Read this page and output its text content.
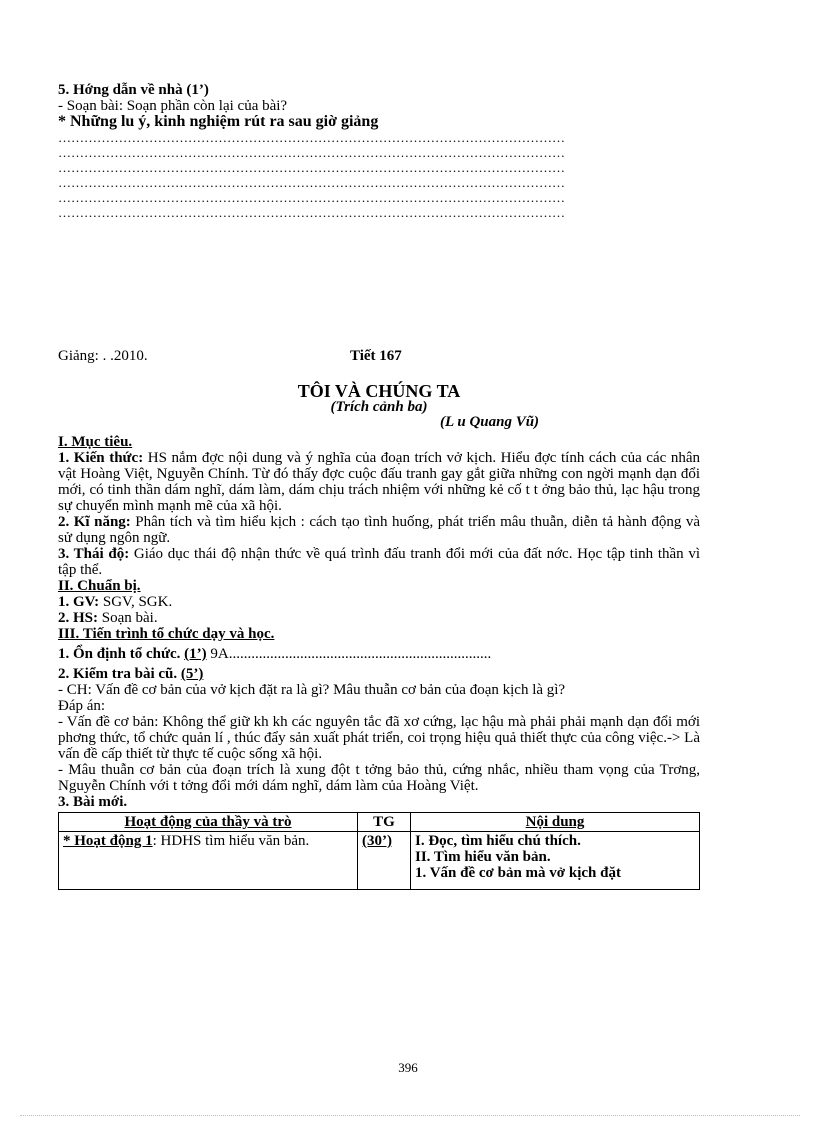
5. Hớng dẫn về nhà (1’)
- Soạn bài: Soạn phần còn lại của bài?
* Những lu ý, kinh nghiệm rút ra sau giờ giảng
………………………………………………………………………………………………………
………………………………………………………………………………………………………
………………………………………………………………………………………………………
………………………………………………………………………………………………………
………………………………………………………………………………………………………
………………………………………………………………………………………………………
Giảng: . .2010.	Tiết 167
TÔI VÀ CHÚNG TA
(Trích cảnh ba)
(L u Quang Vũ)
I. Mục tiêu.
1. Kiến thức: HS nắm đợc nội dung và ý nghĩa của đoạn trích vở kịch. Hiểu đợc tính cách của các nhân vật Hoàng Việt, Nguyễn Chính. Từ đó thấy đợc cuộc đấu tranh gay gắt giữa những con ngời mạnh dạn đổi mới, có tinh thần dám nghĩ, dám làm, dám chịu trách nhiệm với những kẻ cố t t ởng bảo thủ, lạc hậu trong sự chuyển mình mạnh mẽ của xã hội.
2. Kĩ năng: Phân tích và tìm hiểu kịch : cách tạo tình huống, phát triển mâu thuẫn, diễn tả hành động và sử dụng ngôn ngữ.
3. Thái độ: Giáo dục thái độ nhận thức về quá trình đấu tranh đổi mới của đất nớc. Học tập tinh thần vì tập thể.
II. Chuẩn bị.
1. GV: SGV, SGK.
2. HS: Soạn bài.
III. Tiến trình tổ chức dạy và học.
1. Ổn định tổ chức. (1’) 9A......................................................................
2. Kiểm tra bài cũ. (5’)
- CH: Vấn đề cơ bản của vở kịch đặt ra là gì? Mâu thuẫn cơ bản của đoạn kịch là gì?
Đáp án:
- Vấn đề cơ bản: Không thể giữ kh kh các nguyên tắc đã xơ cứng, lạc hậu mà phải phải mạnh dạn đổi mới phơng thức, tổ chức quản lí , thúc đẩy sản xuất phát triển, coi trọng hiệu quả thiết thực của công việc.-> Là vấn đề cấp thiết từ thực tế cuộc sống xã hội.
- Mâu thuẫn cơ bản của đoạn trích là xung đột t tởng bảo thủ, cứng nhắc, nhiều tham vọng của Trơng, Nguyễn Chính với t tởng đổi mới dám nghĩ, dám làm của Hoàng Việt.
3. Bài mới.
Hoạt động của thầy và trò	TG	Nội dung
* Hoạt động 1: HDHS tìm hiểu văn bản.	(30’)	I. Đọc, tìm hiểu chú thích.
II. Tìm hiểu văn bản.
1. Vấn đề cơ bản mà vở kịch đặt
396
